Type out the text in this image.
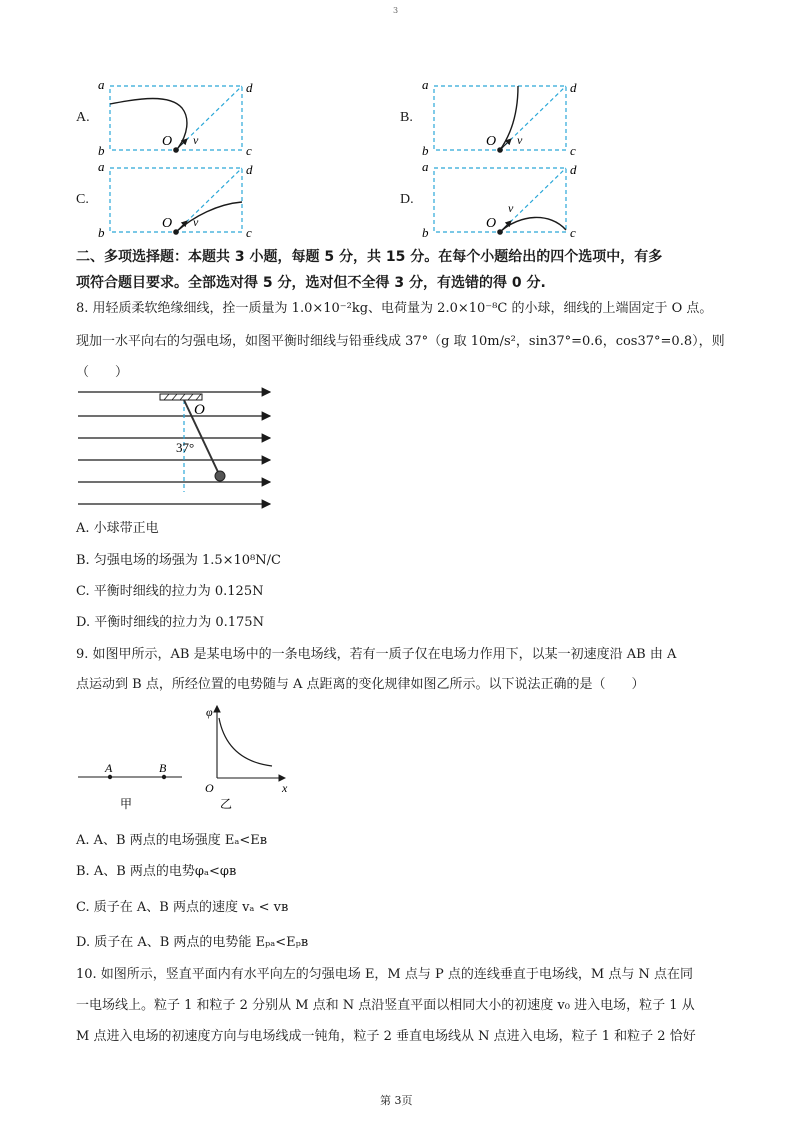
3
a
b	c
d
O v
a
b	c
d
O v
a
b	c
d
O v
a
b	c
d
O
v
A.	B.
C.	D.
二、多项选择题：本题共 3 小题，每题 5 分，共 15 分。在每个小题给出的四个选项中，有多
项符合题目要求。全部选对得 5 分，选对但不全得 3 分，有选错的得 0 分.
8. 用轻质柔软绝缘细线，拴一质量为 1.0×10⁻²kg、电荷量为 2.0×10⁻⁸C 的小球，细线的上端固定于 O 点。
现加一水平向右的匀强电场，如图平衡时细线与铅垂线成 37°（g 取 10m/s²，sin37°=0.6，cos37°=0.8），则
（　　）
O
37°
A. 小球带正电
B. 匀强电场的场强为 1.5×10⁸N/C
C. 平衡时细线的拉力为 0.125N
D. 平衡时细线的拉力为 0.175N
9. 如图甲所示，AB 是某电场中的一条电场线，若有一质子仅在电场力作用下，以某一初速度沿 AB 由 A
点运动到 B 点，所经位置的电势随与 A 点距离的变化规律如图乙所示。以下说法正确的是（　　）
A	B
甲
φ
O	x
乙
A. A、B 两点的电场强度 Eₐ<Eʙ
B. A、B 两点的电势φₐ<φʙ
C. 质子在 A、B 两点的速度 vₐ < vʙ
D. 质子在 A、B 两点的电势能 Eₚₐ<Eₚʙ
10. 如图所示，竖直平面内有水平向左的匀强电场 E，M 点与 P 点的连线垂直于电场线，M 点与 N 点在同
一电场线上。粒子 1 和粒子 2 分别从 M 点和 N 点沿竖直平面以相同大小的初速度 v₀ 进入电场，粒子 1 从
M 点进入电场的初速度方向与电场线成一钝角，粒子 2 垂直电场线从 N 点进入电场，粒子 1 和粒子 2 恰好
第 3页
